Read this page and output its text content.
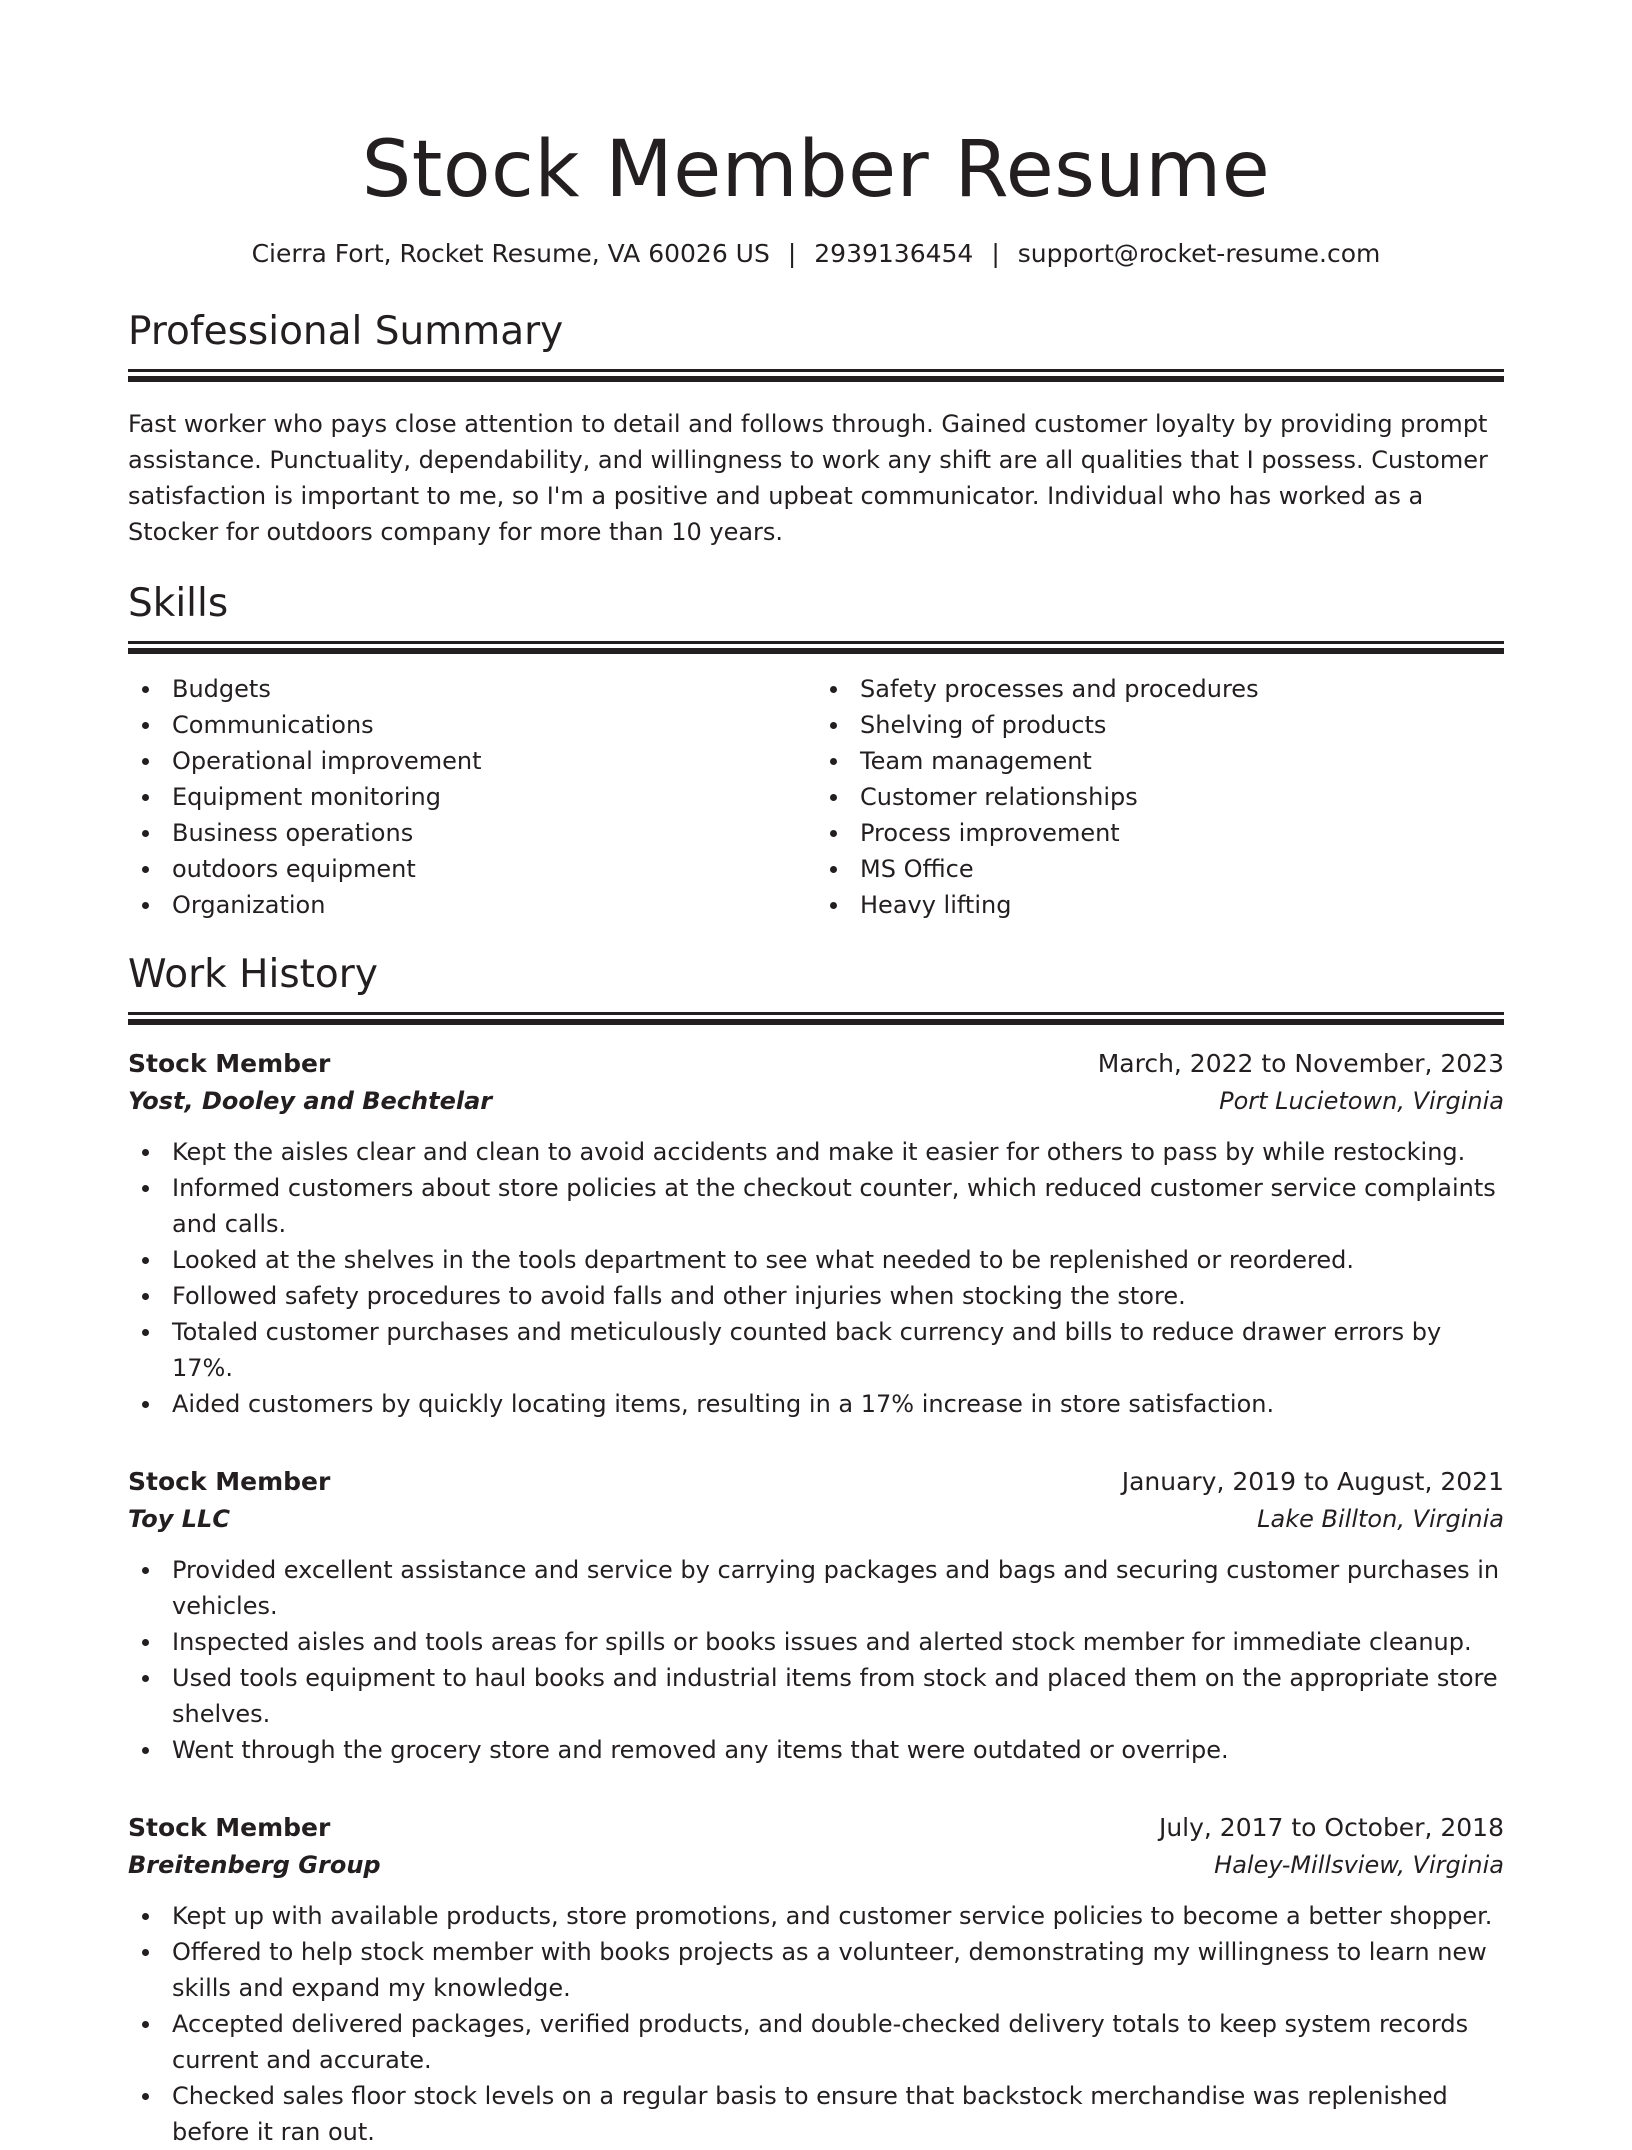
Stock Member Resume
Cierra Fort, Rocket Resume, VA 60026 US | 2939136454 | support@rocket-resume.com
Professional Summary

Fast worker who pays close attention to detail and follows through. Gained customer loyalty by providing prompt assistance. Punctuality, dependability, and willingness to work any shift are all qualities that I possess. Customer satisfaction is important to me, so I'm a positive and upbeat communicator. Individual who has worked as a Stocker for outdoors company for more than 10 years.

Skills
Budgets
Communications
Operational improvement
Equipment monitoring
Business operations
outdoors equipment
Organization
Safety processes and procedures
Shelving of products
Team management
Customer relationships
Process improvement
MS Office
Heavy lifting
Work History
Stock Member	March, 2022 to November, 2023
Yost, Dooley and Bechtelar	Port Lucietown, Virginia
Kept the aisles clear and clean to avoid accidents and make it easier for others to pass by while restocking.
Informed customers about store policies at the checkout counter, which reduced customer service complaints and calls.
Looked at the shelves in the tools department to see what needed to be replenished or reordered.
Followed safety procedures to avoid falls and other injuries when stocking the store.
Totaled customer purchases and meticulously counted back currency and bills to reduce drawer errors by 17%.
Aided customers by quickly locating items, resulting in a 17% increase in store satisfaction.
Stock Member	January, 2019 to August, 2021
Toy LLC	Lake Billton, Virginia
Provided excellent assistance and service by carrying packages and bags and securing customer purchases in vehicles.
Inspected aisles and tools areas for spills or books issues and alerted stock member for immediate cleanup.
Used tools equipment to haul books and industrial items from stock and placed them on the appropriate store shelves.
Went through the grocery store and removed any items that were outdated or overripe.
Stock Member	July, 2017 to October, 2018
Breitenberg Group	Haley-Millsview, Virginia
Kept up with available products, store promotions, and customer service policies to become a better shopper.
Offered to help stock member with books projects as a volunteer, demonstrating my willingness to learn new skills and expand my knowledge.
Accepted delivered packages, verified products, and double-checked delivery totals to keep system records current and accurate.
Checked sales floor stock levels on a regular basis to ensure that backstock merchandise was replenished before it ran out.
